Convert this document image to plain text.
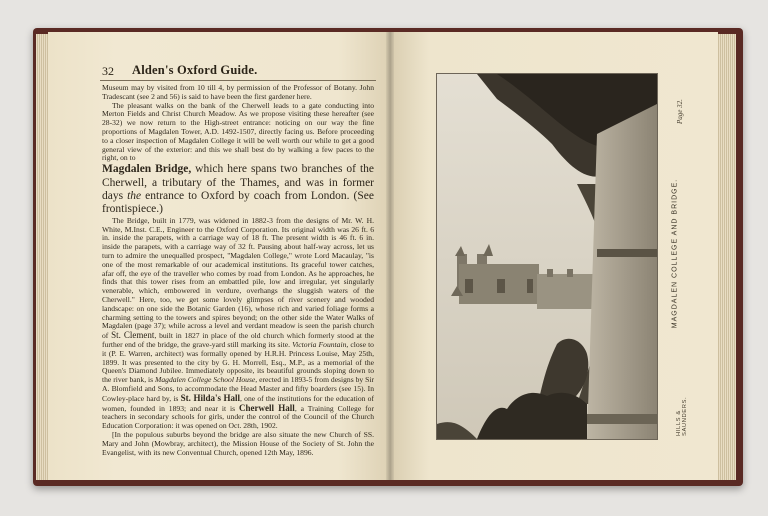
32 Alden's Oxford Guide.

Museum may by visited from 10 till 4, by permission of the Professor of Botany. John Tradescant (see 2 and 56) is said to have been the first gardener here.

The pleasant walks on the bank of the Cherwell leads to a gate conducting into Merton Fields and Christ Church Meadow. As we propose visiting these hereafter (see 28-32) we now return to the High-street entrance: noticing on our way the fine proportions of Magdalen Tower, A.D. 1492-1507, directly facing us. Before proceeding to a closer inspection of Magdalen College it will be well worth our while to get a good general view of the exterior: and this we shall best do by walking a few paces to the right, on to

Magdalen Bridge, which here spans two branches of the Cherwell, a tributary of the Thames, and was in former days the entrance to Oxford by coach from London. (See frontispiece.)

The Bridge, built in 1779, was widened in 1882-3 from the designs of Mr. W. H. White, M.Inst. C.E., Engineer to the Oxford Corporation. Its original width was 26 ft. 6 in. inside the parapets, with a carriage way of 18 ft. The present width is 46 ft. 6 in. inside the parapets, with a carriage way of 32 ft. Pausing about half-way across, let us turn to admire the unequalled prospect, "Magdalen College," wrote Lord Macaulay, "is one of the most remarkable of our academical institutions. Its graceful tower catches, afar off, the eye of the traveller who comes by road from London. As he approaches, he finds that this tower rises from an embattled pile, low and irregular, yet singularly venerable, which, embowered in verdure, overhangs the sluggish waters of the Cherwell." Here, too, we get some lovely glimpses of river scenery and wooded landscape: on one side the Botanic Garden (16), whose rich and varied foliage forms a charming setting to the towers and spires beyond; on the other side the Water Walks of Magdalen (page 37); while across a level and verdant meadow is seen the parish church of St. Clement, built in 1827 in place of the old church which formerly stood at the further end of the bridge, the grave-yard still marking its site. Victoria Fountain, close to it (P. E. Warren, architect) was formally opened by H.R.H. Princess Louise, May 25th, 1899. It was presented to the city by G. H. Morrell, Esq., M.P., as a memorial of the Queen's Diamond Jubilee. Immediately opposite, its beautiful grounds sloping down to the river bank, is Magdalen College School House, erected in 1893-5 from designs by Sir A. Blomfield and Sons, to accommodate the Head Master and fifty boarders (see 15). In Cowley-place hard by, is St. Hilda's Hall, one of the institutions for the education of women, founded in 1893; and near it is Cherwell Hall, a Training College for teachers in secondary schools for girls, under the control of the Council of the Church Education Corporation: it was opened on Oct. 28th, 1902.

[In the populous suburbs beyond the bridge are also situate the new Church of SS. Mary and John (Mowbray, architect), the Mission House of the Society of St. John the Evangelist, with its new Conventual Church, opened 12th May, 1896.

MAGDALEN COLLEGE AND BRIDGE.
HILLS & SAUNDERS.
Page 32.
